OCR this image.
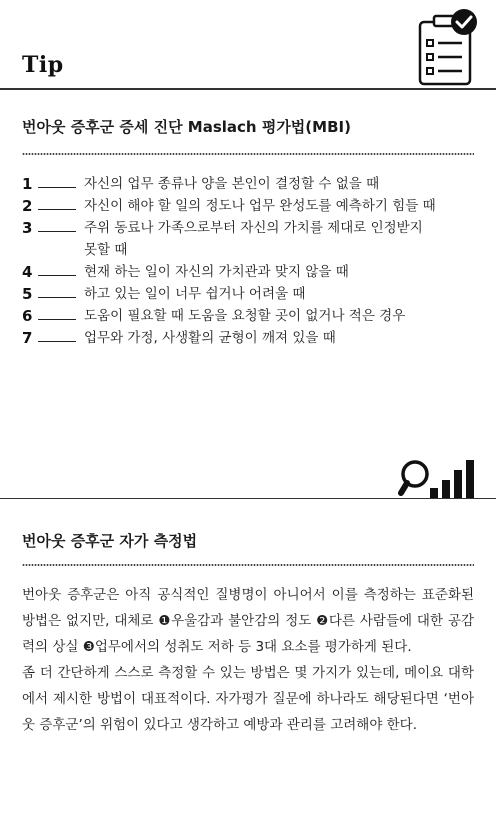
Tip
번아웃 증후군 증세 진단 Maslach 평가법(MBI)
1	자신의 업무 종류나 양을 본인이 결정할 수 없을 때
2	자신이 해야 할 일의 정도나 업무 완성도를 예측하기 힘들 때
3	주위 동료나 가족으로부터 자신의 가치를 제대로 인정받지
못할 때
4	현재 하는 일이 자신의 가치관과 맞지 않을 때
5	하고 있는 일이 너무 쉽거나 어려울 때
6	도움이 필요할 때 도움을 요청할 곳이 없거나 적은 경우
7	업무와 가정, 사생활의 균형이 깨져 있을 때
번아웃 증후군 자가 측정법

번아웃 증후군은 아직 공식적인 질병명이 아니어서 이를 측정하는 표준화된 방법은 없지만, 대체로 ❶우울감과 불안감의 정도 ❷다른 사람들에 대한 공감력의 상실 ❸업무에서의 성취도 저하 등 3대 요소를 평가하게 된다.

좀 더 간단하게 스스로 측정할 수 있는 방법은 몇 가지가 있는데, 메이요 대학에서 제시한 방법이 대표적이다. 자가평가 질문에 하나라도 해당된다면 ‘번아웃 증후군’의 위험이 있다고 생각하고 예방과 관리를 고려해야 한다.
